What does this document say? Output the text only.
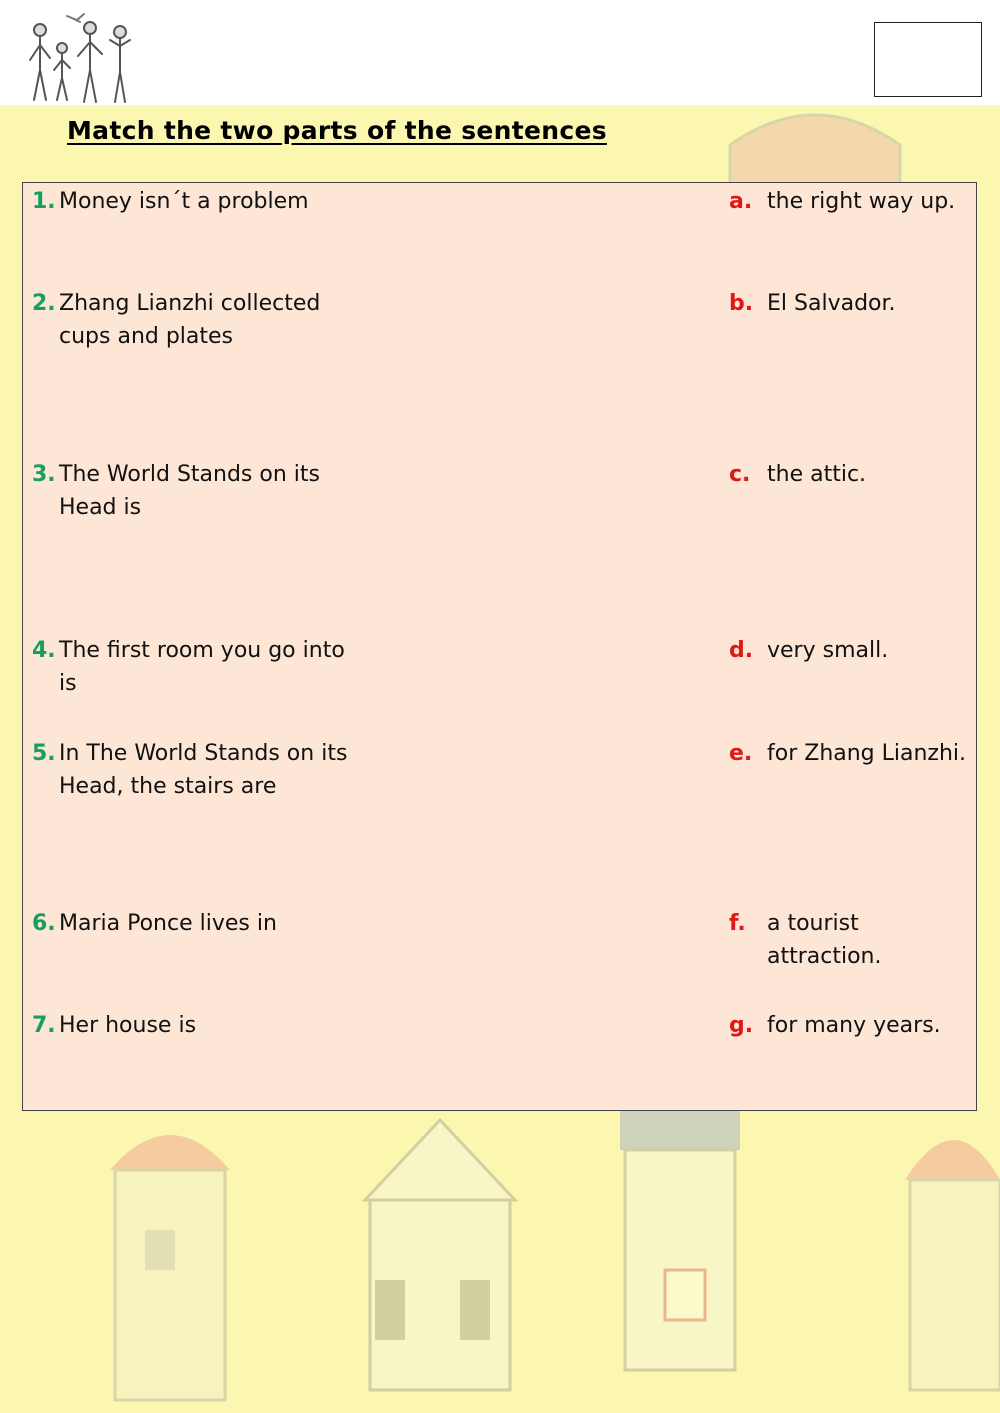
Match the two parts of the sentences
1. Money isn´t a problem
2. Zhang Lianzhi collected cups and plates
3. The World Stands on its Head is
4. The first room you go into is
5. In The World Stands on its Head, the stairs are
6. Maria Ponce lives in
7. Her house is
a. the right way up.
b. El Salvador.
c. the attic.
d. very small.
e. for Zhang Lianzhi.
f. a tourist attraction.
g. for many years.
